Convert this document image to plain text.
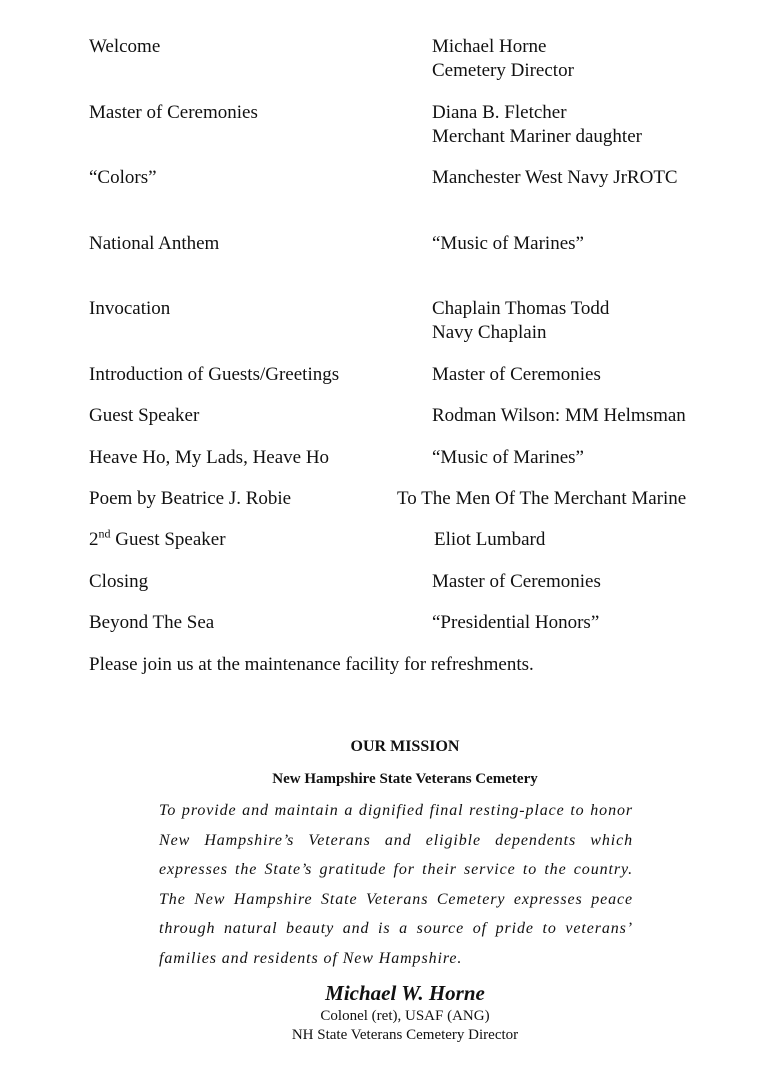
Welcome	Michael Horne
Cemetery Director
Master of Ceremonies	Diana B. Fletcher
Merchant Mariner daughter
“Colors”	Manchester West Navy JrROTC
National Anthem	“Music of Marines”
Invocation	Chaplain Thomas Todd
Navy Chaplain
Introduction of Guests/Greetings	Master of Ceremonies
Guest Speaker	Rodman Wilson: MM Helmsman
Heave Ho, My Lads, Heave Ho	“Music of Marines”
Poem by Beatrice J. Robie	To The Men Of The Merchant Marine
2nd Guest Speaker	Eliot Lumbard
Closing	Master of Ceremonies
Beyond The Sea	“Presidential Honors”
Please join us at the maintenance facility for refreshments.
OUR MISSION
New Hampshire State Veterans Cemetery
To provide and maintain a dignified final resting-place to honor New Hampshire’s Veterans and eligible dependents which expresses the State’s gratitude for their service to the country. The New Hampshire State Veterans Cemetery expresses peace through natural beauty and is a source of pride to veterans’ families and residents of New Hampshire.
Michael W. Horne
Colonel (ret), USAF (ANG)
NH State Veterans Cemetery Director
